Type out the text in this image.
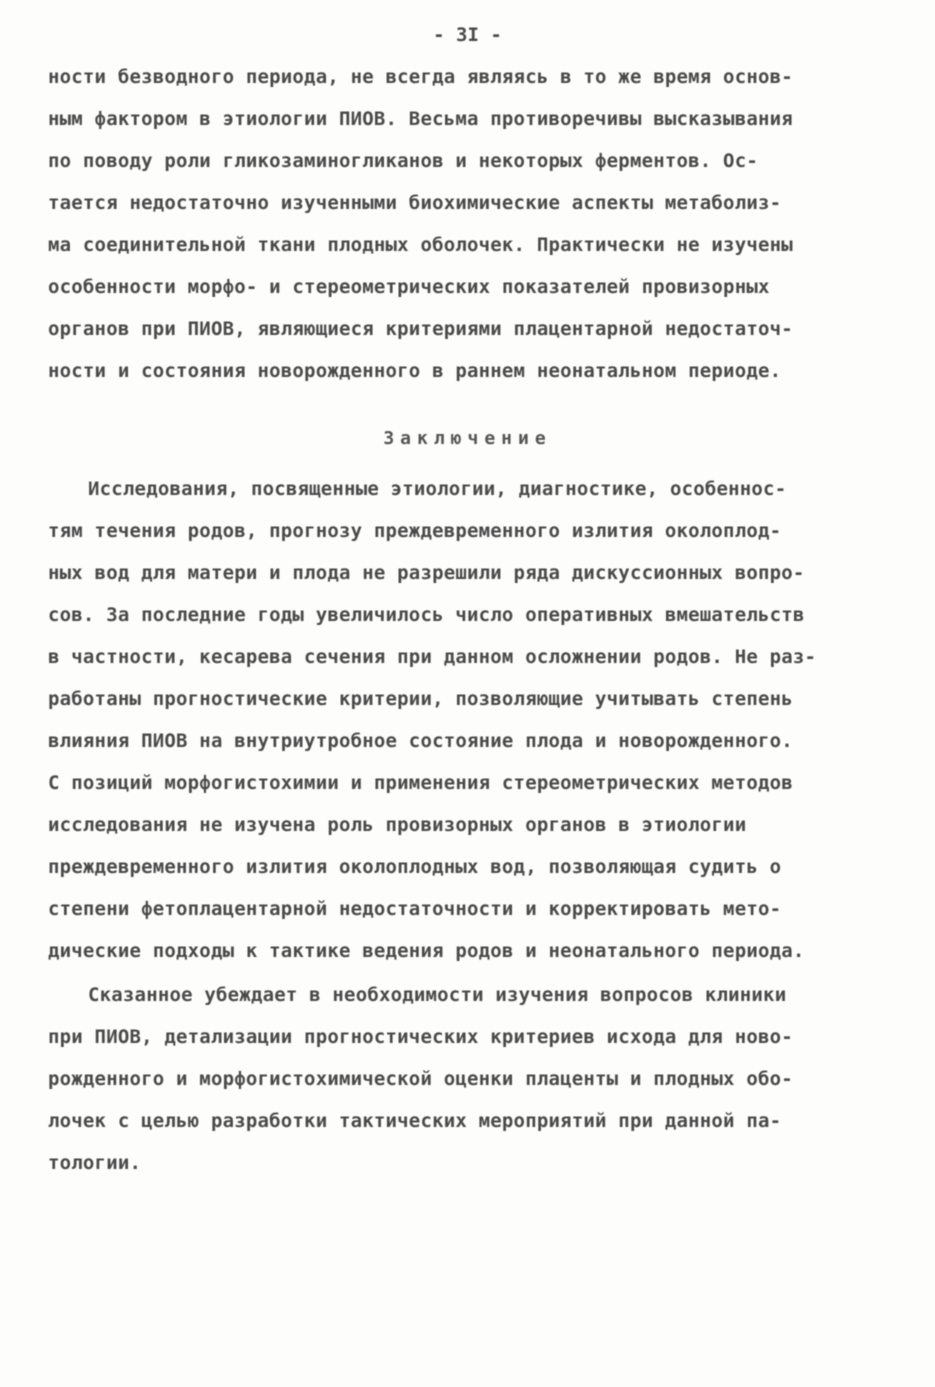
- 3I -

ности безводного периода, не всегда являясь в то же время основ-

ным фактором в этиологии ПИОВ. Весьма противоречивы высказывания

по поводу роли гликозаминогликанов и некоторых ферментов. Ос-

тается недостаточно изученными биохимические аспекты метаболиз-

ма соединительной ткани плодных оболочек. Практически не изучены

особенности морфо- и стереометрических показателей провизорных

органов при ПИОВ, являющиеся критериями плацентарной недостаточ-

ности и состояния новорожденного в раннем неонатальном периоде.

Заключение

Исследования, посвященные этиологии, диагностике, особеннос-

тям течения родов, прогнозу преждевременного излития околоплод-

ных вод для матери и плода не разрешили ряда дискуссионных вопро-

сов. За последние годы увеличилось число оперативных вмешательств

в частности, кесарева сечения при данном осложнении родов. Не раз-

работаны прогностические критерии, позволяющие учитывать степень

влияния ПИОВ на внутриутробное состояние плода и новорожденного.

С позиций морфогистохимии и применения стереометрических методов

исследования не изучена роль провизорных органов в этиологии

преждевременного излития околоплодных вод, позволяющая судить о

степени фетоплацентарной недостаточности и корректировать мето-

дические подходы к тактике ведения родов и неонатального периода.

Сказанное убеждает в необходимости изучения вопросов клиники

при ПИОВ, детализации прогностических критериев исхода для ново-

рожденного и морфогистохимической оценки плаценты и плодных обо-

лочек с целью разработки тактических мероприятий при данной па-

тологии.
